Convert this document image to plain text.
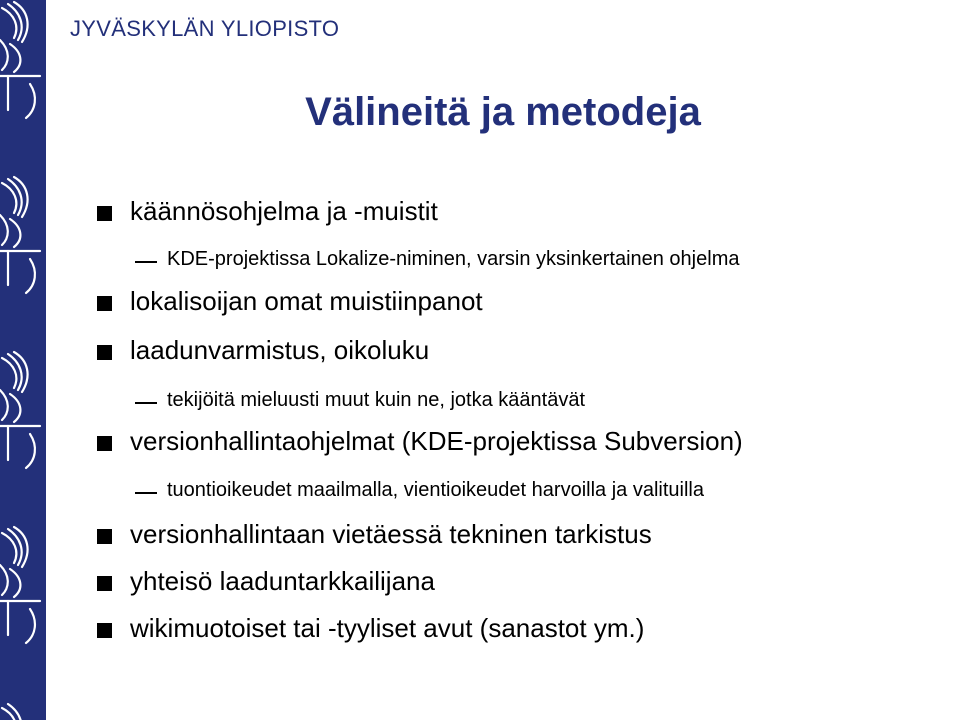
JYVÄSKYLÄN YLIOPISTO
Välineitä ja metodeja
käännösohjelma ja -muistit
KDE-projektissa Lokalize-niminen, varsin yksinkertainen ohjelma
lokalisoijan omat muistiinpanot
laadunvarmistus, oikoluku
tekijöitä mieluusti muut kuin ne, jotka kääntävät
versionhallintaohjelmat (KDE-projektissa Subversion)
tuontioikeudet maailmalla, vientioikeudet harvoilla ja valituilla
versionhallintaan vietäessä tekninen tarkistus
yhteisö laaduntarkkailijana
wikimuotoiset tai -tyyliset avut (sanastot ym.)
